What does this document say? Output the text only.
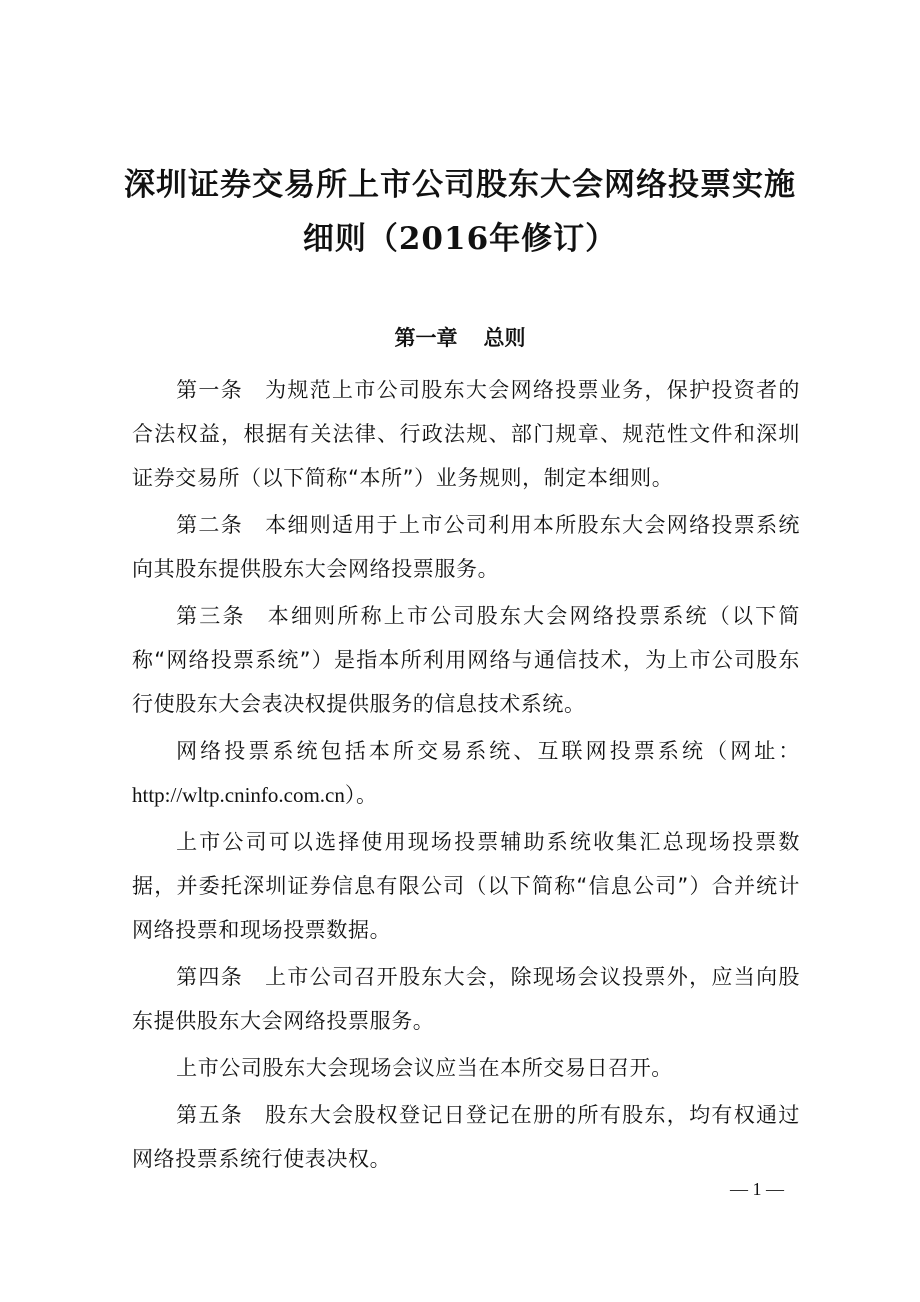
深圳证券交易所上市公司股东大会网络投票实施
细则（2016年修订）
第一章 总则

第一条 为规范上市公司股东大会网络投票业务，保护投资者的合法权益，根据有关法律、行政法规、部门规章、规范性文件和深圳证券交易所（以下简称“本所”）业务规则，制定本细则。

第二条 本细则适用于上市公司利用本所股东大会网络投票系统向其股东提供股东大会网络投票服务。

第三条 本细则所称上市公司股东大会网络投票系统（以下简称“网络投票系统”）是指本所利用网络与通信技术，为上市公司股东行使股东大会表决权提供服务的信息技术系统。

网络投票系统包括本所交易系统、互联网投票系统（网址：http://wltp.cninfo.com.cn）。

上市公司可以选择使用现场投票辅助系统收集汇总现场投票数据，并委托深圳证券信息有限公司（以下简称“信息公司”）合并统计网络投票和现场投票数据。

第四条 上市公司召开股东大会，除现场会议投票外，应当向股东提供股东大会网络投票服务。

上市公司股东大会现场会议应当在本所交易日召开。

第五条 股东大会股权登记日登记在册的所有股东，均有权通过网络投票系统行使表决权。

— 1 —
